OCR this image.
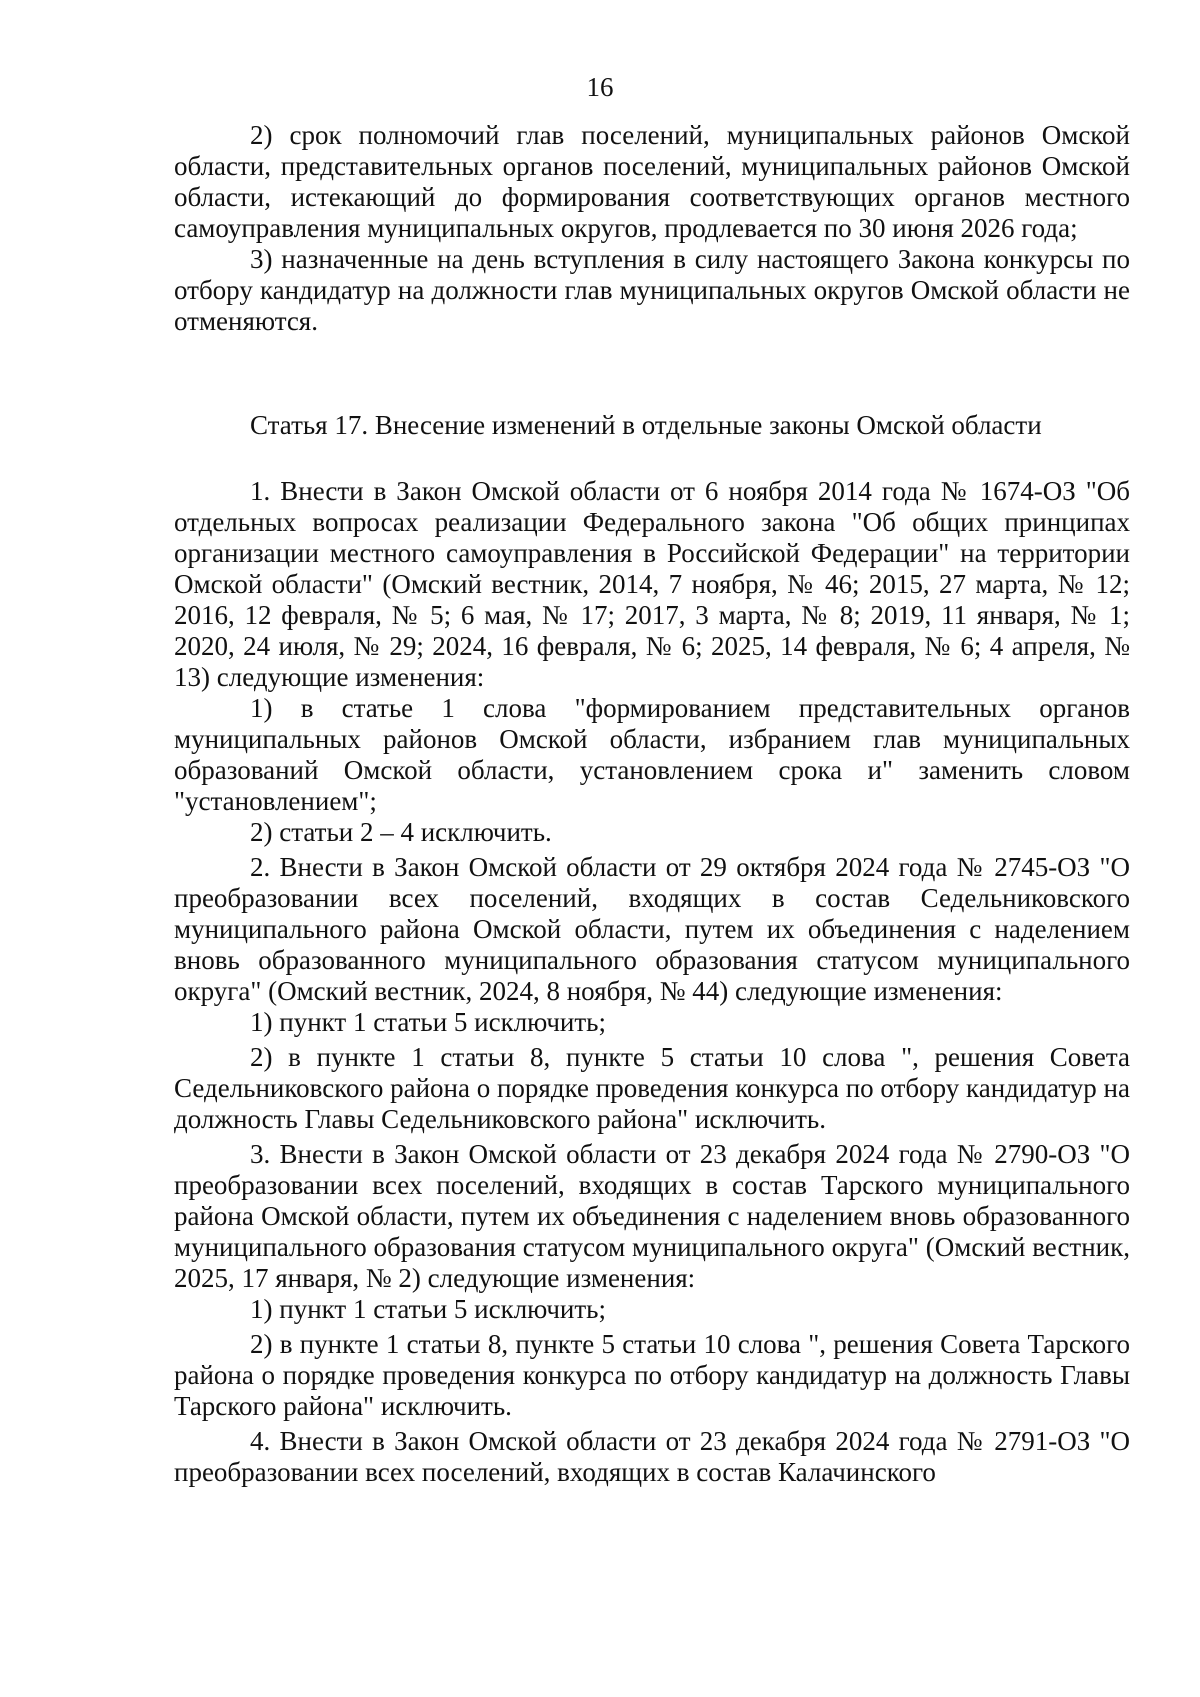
16

2) срок полномочий глав поселений, муниципальных районов Омской области, представительных органов поселений, муниципальных районов Омской области, истекающий до формирования соответствующих органов местного самоуправления муниципальных округов, продлевается по 30 июня 2026 года;

3) назначенные на день вступления в силу настоящего Закона конкурсы по отбору кандидатур на должности глав муниципальных округов Омской области не отменяются.

Статья 17. Внесение изменений в отдельные законы Омской области

1. Внести в Закон Омской области от 6 ноября 2014 года № 1674-ОЗ "Об отдельных вопросах реализации Федерального закона "Об общих принципах организации местного самоуправления в Российской Федерации" на территории Омской области" (Омский вестник, 2014, 7 ноября, № 46; 2015, 27 марта, № 12; 2016, 12 февраля, № 5; 6 мая, № 17; 2017, 3 марта, № 8; 2019, 11 января, № 1; 2020, 24 июля, № 29; 2024, 16 февраля, № 6; 2025, 14 февраля, № 6; 4 апреля, № 13) следующие изменения:

1) в статье 1 слова "формированием представительных органов муниципальных районов Омской области, избранием глав муниципальных образований Омской области, установлением срока и" заменить словом "установлением";

2) статьи 2 – 4 исключить.

2. Внести в Закон Омской области от 29 октября 2024 года № 2745-ОЗ "О преобразовании всех поселений, входящих в состав Седельниковского муниципального района Омской области, путем их объединения с наделением вновь образованного муниципального образования статусом муниципального округа" (Омский вестник, 2024, 8 ноября, № 44) следующие изменения:

1) пункт 1 статьи 5 исключить;

2) в пункте 1 статьи 8, пункте 5 статьи 10 слова ", решения Совета Седельниковского района о порядке проведения конкурса по отбору кандидатур на должность Главы Седельниковского района" исключить.

3. Внести в Закон Омской области от 23 декабря 2024 года № 2790-ОЗ "О преобразовании всех поселений, входящих в состав Тарского муниципального района Омской области, путем их объединения с наделением вновь образованного муниципального образования статусом муниципального округа" (Омский вестник, 2025, 17 января, № 2) следующие изменения:

1) пункт 1 статьи 5 исключить;

2) в пункте 1 статьи 8, пункте 5 статьи 10 слова ", решения Совета Тарского района о порядке проведения конкурса по отбору кандидатур на должность Главы Тарского района" исключить.

4. Внести в Закон Омской области от 23 декабря 2024 года № 2791-ОЗ "О преобразовании всех поселений, входящих в состав Калачинского
